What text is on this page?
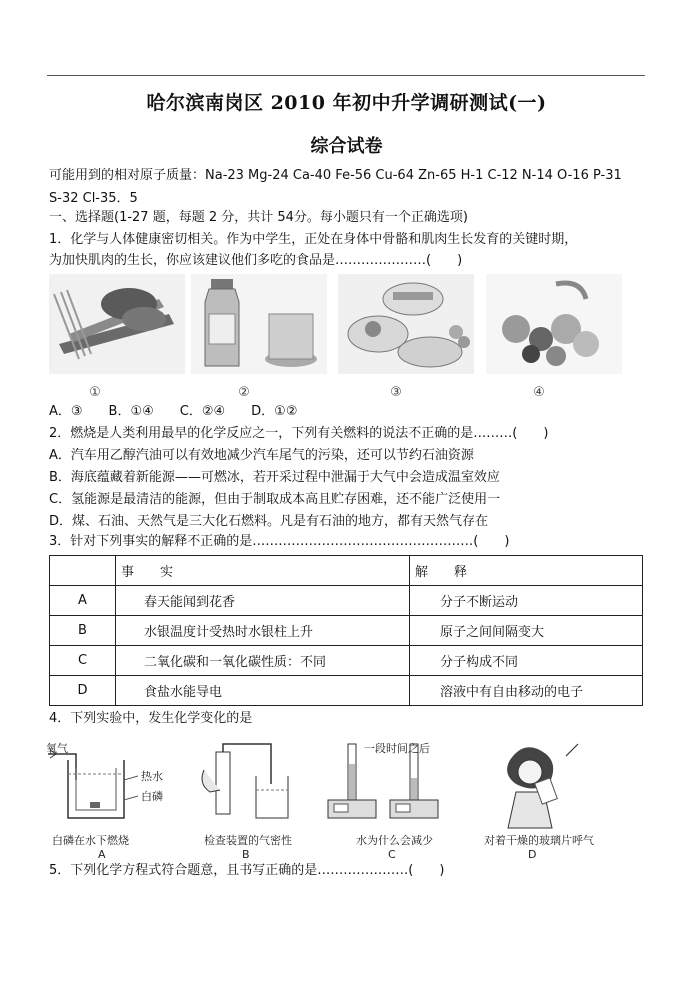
哈尔滨南岗区 2010 年初中升学调研测试(一)
综合试卷
可能用到的相对原子质量：Na-23 Mg-24 Ca-40 Fe-56 Cu-64 Zn-65 H-1 C-12 N-14 O-16 P-31
S-32 Cl-35．5
一、选择题(1-27 题，每题 2 分，共计 54分。每小题只有一个正确选项)
1．化学与人体健康密切相关。作为中学生，正处在身体中骨骼和肌肉生长发育的关键时期，
为加快肌肉的生长，你应该建议他们多吃的食品是…………………(　　)
①	②	③	④
A．③　　B．①④　　C．②④　　D．①②
2．燃烧是人类利用最早的化学反应之一，下列有关燃料的说法不正确的是………(　　)
A．汽车用乙醇汽油可以有效地减少汽车尾气的污染，还可以节约石油资源
B．海底蕴藏着新能源——可燃冰，若开采过程中泄漏于大气中会造成温室效应
C．氢能源是最清洁的能源，但由于制取成本高且贮存困难，还不能广泛使用一
D．煤、石油、天然气是三大化石燃料。凡是有石油的地方，都有天然气存在
3．针对下列事实的解释不正确的是……………………………………………(　　)
	事　　实	解　　释
A	春天能闻到花香	分子不断运动
B	水银温度计受热时水银柱上升	原子之间间隔变大
C	二氧化碳和一氧化碳性质：不同	分子构成不同
D	食盐水能导电	溶液中有自由移动的电子
4．下列实验中，发生化学变化的是
氧气
热水
白磷
白磷在水下燃烧
A
检查装置的气密性
B
一段时间之后
水为什么会减少
C
对着干燥的玻璃片呼气
D
5．下列化学方程式符合题意，且书写正确的是…………………(　　)
